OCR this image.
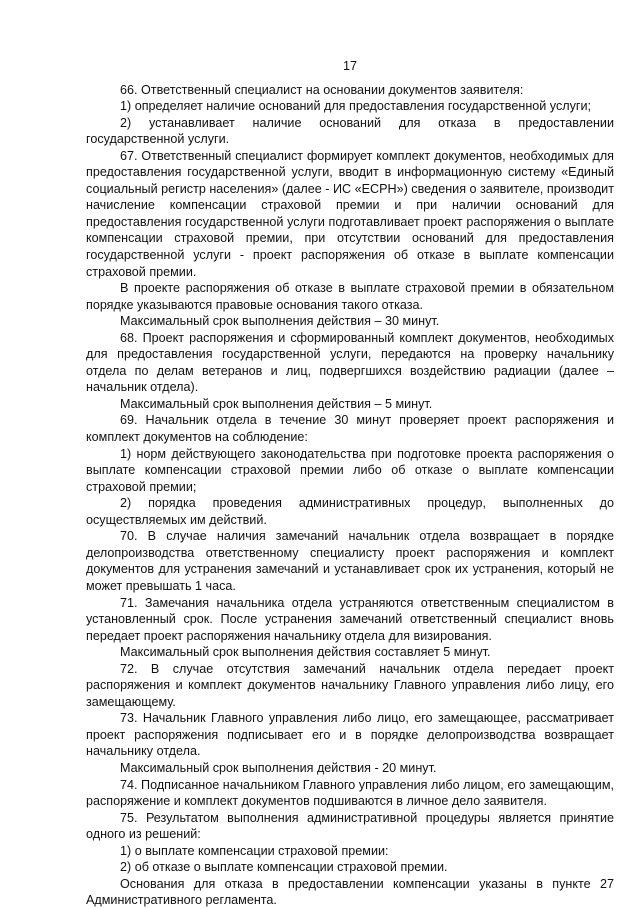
17

66. Ответственный специалист на основании документов заявителя:

1) определяет наличие оснований для предоставления государственной услуги;

2) устанавливает наличие оснований для отказа в предоставлении государственной услуги.

67. Ответственный специалист формирует комплект документов, необходимых для предоставления государственной услуги, вводит в информационную систему «Единый социальный регистр населения» (далее - ИС «ЕСРН») сведения о заявителе, производит начисление компенсации страховой премии и при наличии оснований для предоставления государственной услуги подготавливает проект распоряжения о выплате компенсации страховой премии, при отсутствии оснований для предоставления государственной услуги - проект распоряжения об отказе в выплате компенсации страховой премии.

В проекте распоряжения об отказе в выплате страховой премии в обязательном порядке указываются правовые основания такого отказа.

Максимальный срок выполнения действия – 30 минут.

68. Проект распоряжения и сформированный комплект документов, необходимых для предоставления государственной услуги, передаются на проверку начальнику отдела по делам ветеранов и лиц, подвергшихся воздействию радиации (далее – начальник отдела).

Максимальный срок выполнения действия – 5 минут.

69. Начальник отдела в течение 30 минут проверяет проект распоряжения и комплект документов на соблюдение:

1) норм действующего законодательства при подготовке проекта распоряжения о выплате компенсации страховой премии либо об отказе о выплате компенсации страховой премии;

2) порядка проведения административных процедур, выполненных до осуществляемых им действий.

70. В случае наличия замечаний начальник отдела возвращает в порядке делопроизводства ответственному специалисту проект распоряжения и комплект документов для устранения замечаний и устанавливает срок их устранения, который не может превышать 1 часа.

71. Замечания начальника отдела устраняются ответственным специалистом в установленный срок. После устранения замечаний ответственный специалист вновь передает проект распоряжения начальнику отдела для визирования.

Максимальный срок выполнения действия составляет 5 минут.

72. В случае отсутствия замечаний начальник отдела передает проект распоряжения и комплект документов начальнику Главного управления либо лицу, его замещающему.

73. Начальник Главного управления либо лицо, его замещающее, рассматривает проект распоряжения подписывает его и в порядке делопроизводства возвращает начальнику отдела.

Максимальный срок выполнения действия - 20 минут.

74. Подписанное начальником Главного управления либо лицом, его замещающим, распоряжение и комплект документов подшиваются в личное дело заявителя.

75. Результатом выполнения административной процедуры является принятие одного из решений:

1) о выплате компенсации страховой премии:

2) об отказе о выплате компенсации страховой премии.

Основания для отказа в предоставлении компенсации указаны в пункте 27 Административного регламента.
